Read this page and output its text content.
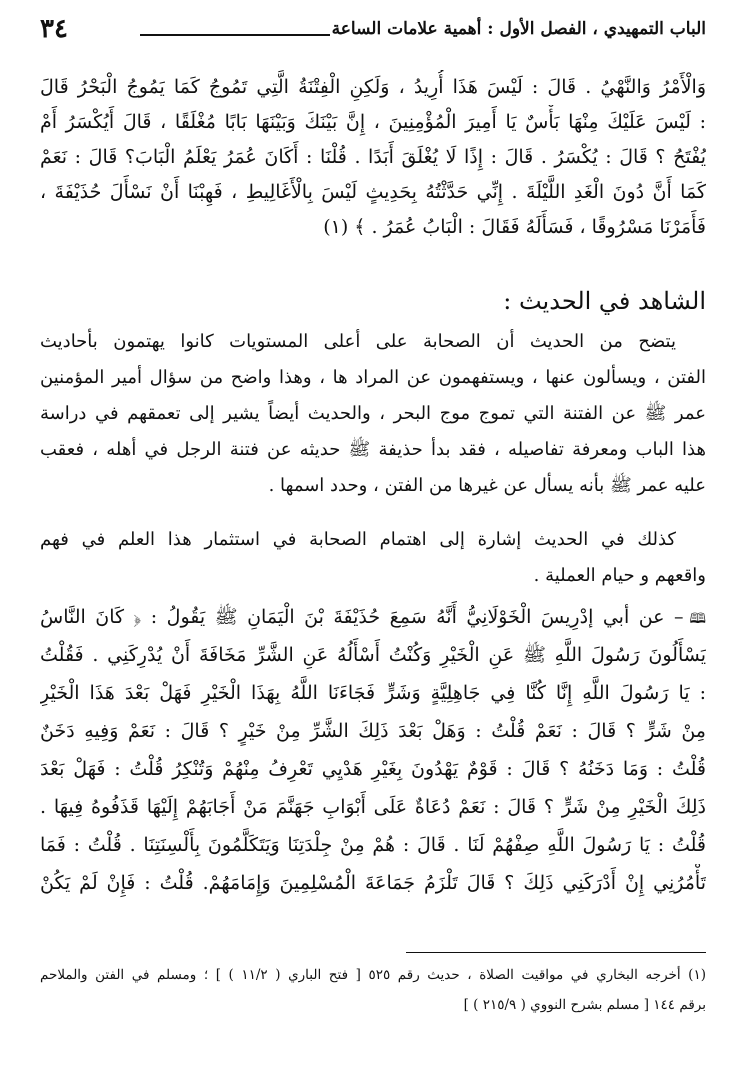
٣٤	الباب التمهيدي ، الفصل الأول : أهمية علامات الساعة
وَالْأَمْرُ وَالنَّهْيُ . قَالَ : لَيْسَ هَذَا أُرِيدُ ، وَلَكِنِ الْفِتْنَةُ الَّتِي تَمُوجُ كَمَا يَمُوجُ الْبَحْرُ قَالَ
: لَيْسَ عَلَيْكَ مِنْهَا بَأْسٌ يَا أَمِيرَ الْمُؤْمِنِينَ ، إِنَّ بَيْنَكَ وَبَيْنَهَا بَابًا مُغْلَقًا ، قَالَ أَيُكْسَرُ أَمْ
يُفْتَحُ ؟ قَالَ : يُكْسَرُ . قَالَ : إِذًا لَا يُغْلَقَ أَبَدًا . قُلْنَا : أَكَانَ عُمَرُ يَعْلَمُ الْبَابَ؟ قَالَ : نَعَمْ
كَمَا أَنَّ دُونَ الْغَدِ اللَّيْلَةَ . إِنِّي حَدَّثْتُهُ بِحَدِيثٍ لَيْسَ بِالْأَغَالِيطِ ، فَهِبْنَا أَنْ نَسْأَلَ حُذَيْفَةَ ،
فَأَمَرْنَا مَسْرُوقًا ، فَسَأَلَهُ فَقَالَ : الْبَابُ عُمَرُ . ﴾ (١)
الشاهد في الحديث :
يتضح من الحديث أن الصحابة على أعلى المستويات كانوا يهتمون بأحاديث
الفتن ، ويسألون عنها ، ويستفهمون عن المراد ها ، وهذا واضح من سؤال أمير المؤمنين
عمر ﷺ عن الفتنة التي تموج موج البحر ، والحديث أيضاً يشير إلى تعمقهم في دراسة
هذا الباب ومعرفة تفاصيله ، فقد بدأ حذيفة ﷺ حديثه عن فتنة الرجل في أهله ، فعقب
عليه عمر ﷺ بأنه يسأل عن غيرها من الفتن ، وحدد اسمها .
كذلك في الحديث إشارة إلى اهتمام الصحابة في استثمار هذا العلم في فهم
واقعهم و حيام العملية .
🕮– عن أبي إدْرِيسَ الْخَوْلَانِيُّ أَنَّهُ سَمِعَ حُذَيْفَةَ بْنَ الْيَمَانِ ﷺ يَقُولُ : ﴿ كَانَ النَّاسُ
يَسْأَلُونَ رَسُولَ اللَّهِ ﷺ عَنِ الْخَيْرِ وَكُنْتُ أَسْأَلُهُ عَنِ الشَّرِّ مَخَافَةَ أَنْ يُدْرِكَنِي . فَقُلْتُ
: يَا رَسُولَ اللَّهِ إِنَّا كُنَّا فِي جَاهِلِيَّةٍ وَشَرٍّ فَجَاءَنَا اللَّهُ بِهَذَا الْخَيْرِ فَهَلْ بَعْدَ هَذَا الْخَيْرِ
مِنْ شَرٍّ ؟ قَالَ : نَعَمْ قُلْتُ : وَهَلْ بَعْدَ ذَلِكَ الشَّرِّ مِنْ خَيْرٍ ؟ قَالَ : نَعَمْ وَفِيهِ دَخَنٌ
قُلْتُ : وَمَا دَخَنُهُ ؟ قَالَ : قَوْمٌ يَهْدُونَ بِغَيْرِ هَدْيِي تَعْرِفُ مِنْهُمْ وَتُنْكِرُ قُلْتُ : فَهَلْ بَعْدَ
ذَلِكَ الْخَيْرِ مِنْ شَرٍّ ؟ قَالَ : نَعَمْ دُعَاةٌ عَلَى أَبْوَابِ جَهَنَّمَ مَنْ أَجَابَهُمْ إِلَيْهَا قَذَفُوهُ فِيهَا .
قُلْتُ : يَا رَسُولَ اللَّهِ صِفْهُمْ لَنَا . قَالَ : هُمْ مِنْ جِلْدَتِنَا وَيَتَكَلَّمُونَ بِأَلْسِنَتِنَا . قُلْتُ : فَمَا
تَأْمُرُنِي إِنْ أَدْرَكَنِي ذَلِكَ ؟ قَالَ تَلْزَمُ جَمَاعَةَ الْمُسْلِمِينَ وَإِمَامَهُمْ. قُلْتُ : فَإِنْ لَمْ يَكُنْ
(١) أخرجه البخاري في مواقيت الصلاة ، حديث رقم ٥٢٥ [ فتح الباري ( ١١/٢ ) ] ؛ ومسلم في الفتن والملاحم
برقم ١٤٤ [ مسلم بشرح النووي ( ٢١٥/٩ ) ]
